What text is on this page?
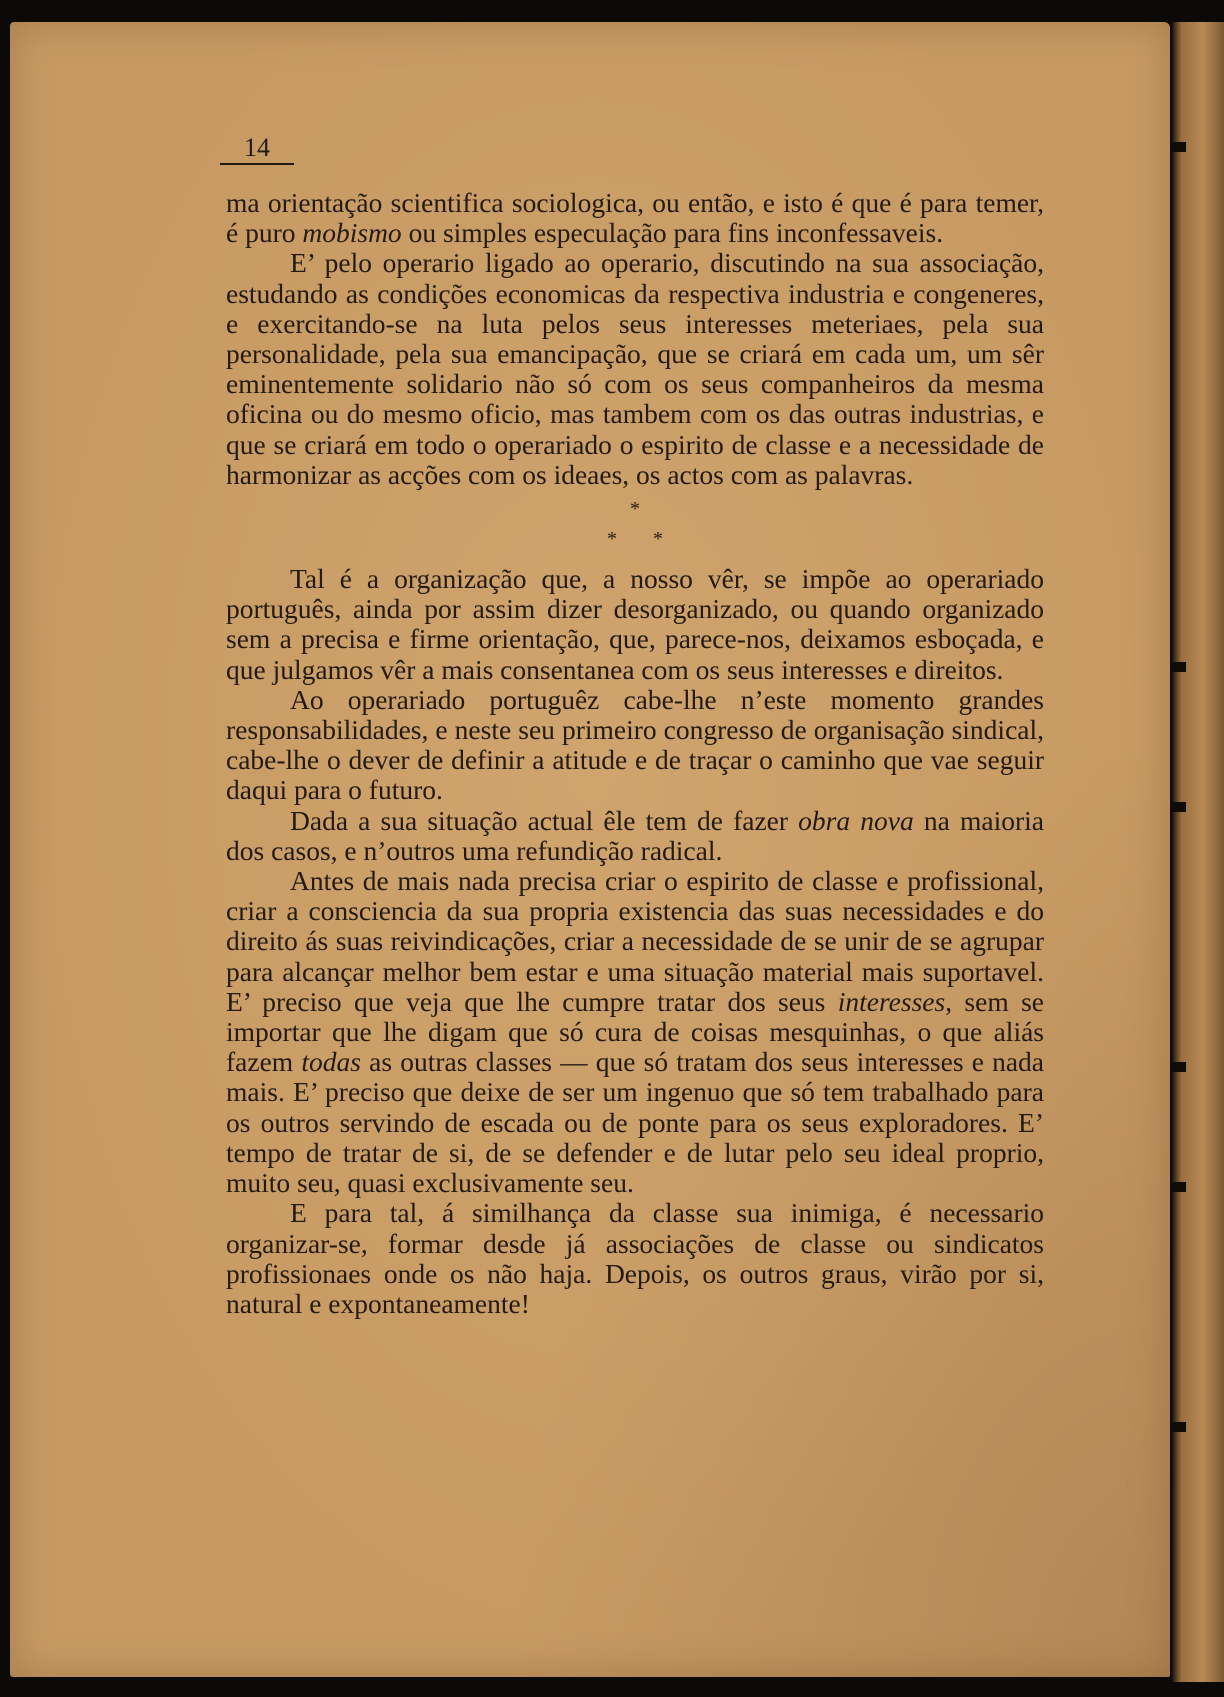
14

ma orientação scientifica sociologica, ou então, e isto é que é para temer, é puro mobismo ou simples especulação para fins inconfessaveis.

E’ pelo operario ligado ao operario, discutindo na sua associação, estudando as condições economicas da respectiva industria e congeneres, e exercitando-se na luta pelos seus interesses meteriaes, pela sua personalidade, pela sua emancipação, que se criará em cada um, um sêr eminentemente solidario não só com os seus companheiros da mesma oficina ou do mesmo oficio, mas tambem com os das outras industrias, e que se criará em todo o operariado o espirito de classe e a necessidade de harmonizar as acções com os ideaes, os actos com as palavras.

*
* *

Tal é a organização que, a nosso vêr, se impõe ao operariado português, ainda por assim dizer desorganizado, ou quando organizado sem a precisa e firme orientação, que, parece-nos, deixamos esboçada, e que julgamos vêr a mais consentanea com os seus interesses e direitos.

Ao operariado portuguêz cabe-lhe n’este momento grandes responsabilidades, e neste seu primeiro congresso de organisação sindical, cabe-lhe o dever de definir a atitude e de traçar o caminho que vae seguir daqui para o futuro.

Dada a sua situação actual êle tem de fazer obra nova na maioria dos casos, e n’outros uma refundição radical.

Antes de mais nada precisa criar o espirito de classe e profissional, criar a consciencia da sua propria existencia das suas necessidades e do direito ás suas reivindicações, criar a necessidade de se unir de se agrupar para alcançar melhor bem estar e uma situação material mais suportavel. E’ preciso que veja que lhe cumpre tratar dos seus interesses, sem se importar que lhe digam que só cura de coisas mesquinhas, o que aliás fazem todas as outras classes — que só tratam dos seus interesses e nada mais. E’ preciso que deixe de ser um ingenuo que só tem trabalhado para os outros servindo de escada ou de ponte para os seus exploradores. E’ tempo de tratar de si, de se defender e de lutar pelo seu ideal proprio, muito seu, quasi exclusivamente seu.

E para tal, á similhança da classe sua inimiga, é necessario organizar-se, formar desde já associações de classe ou sindicatos profissionaes onde os não haja. Depois, os outros graus, virão por si, natural e expontaneamente!
